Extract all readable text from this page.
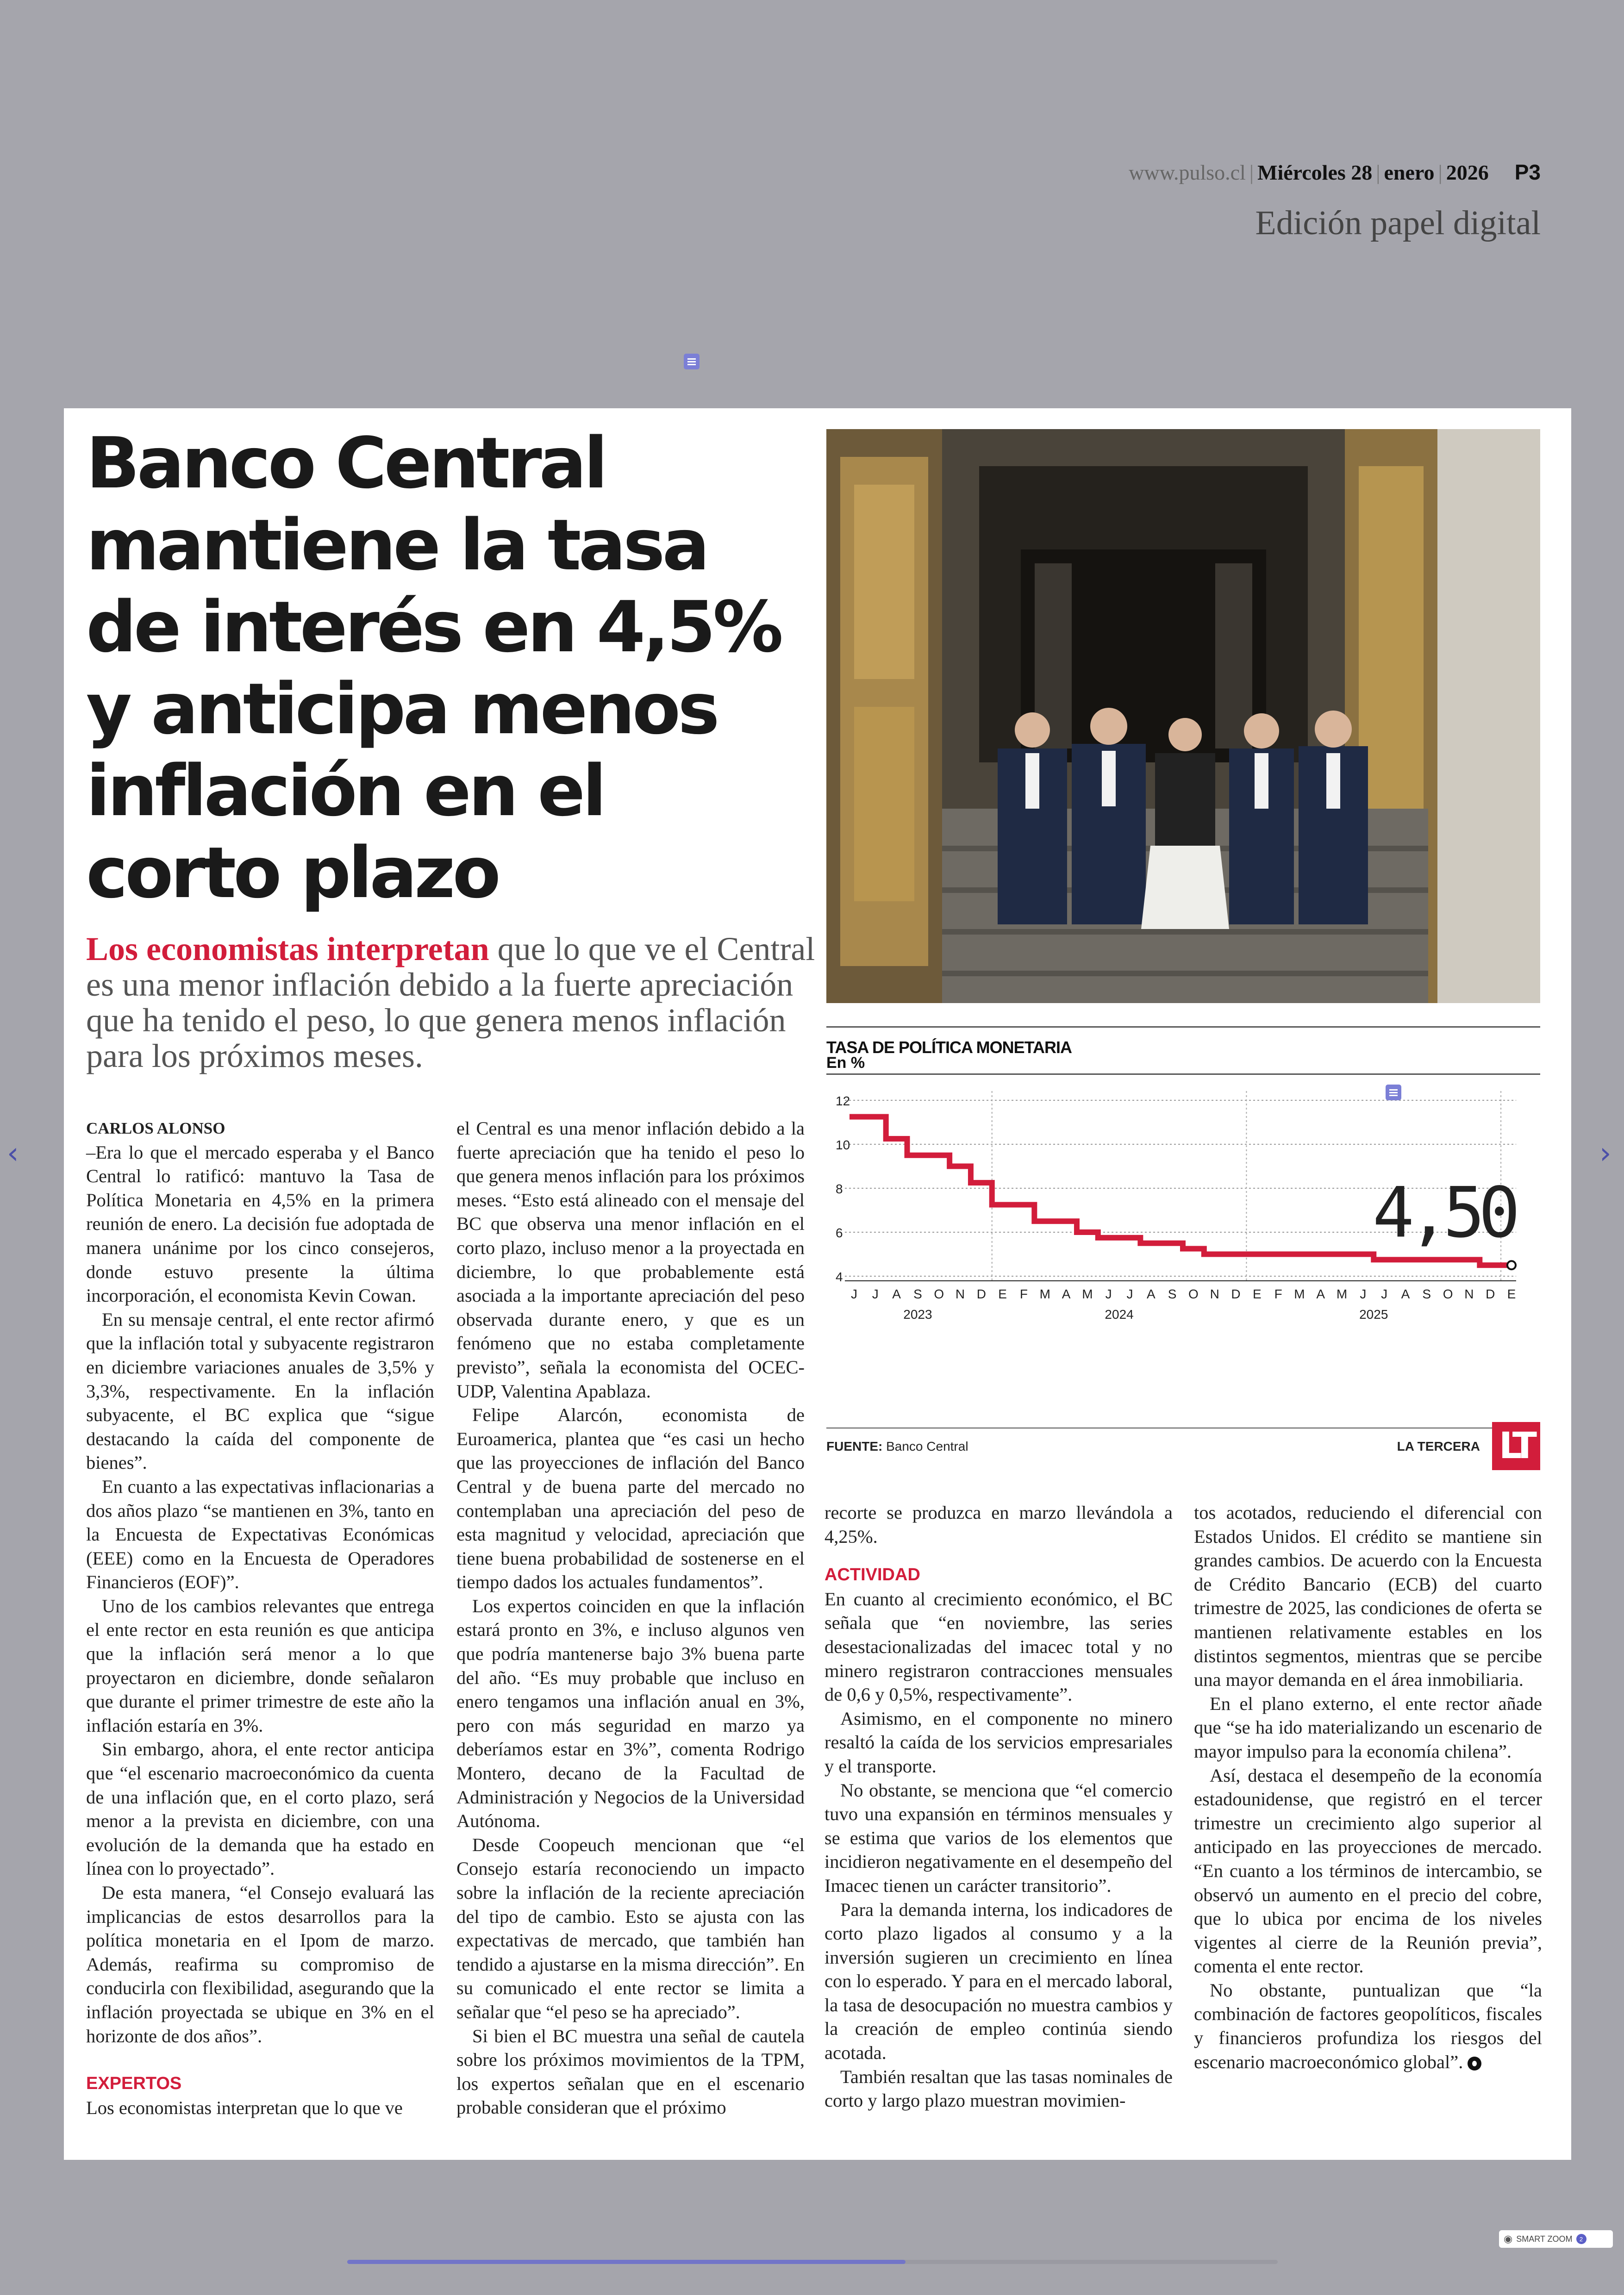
www.pulso.cl | Miércoles 28 | enero | 2026 P3
Edición papel digital
Banco Central mantiene la tasa de interés en 4,5% y anticipa menos inflación en el corto plazo

Los economistas interpretan que lo que ve el Central es una menor inflación debido a la fuerte apreciación que ha tenido el peso, lo que genera menos inflación para los próximos meses.

CARLOS ALONSO

–Era lo que el mercado esperaba y el Banco Central lo ratificó: mantuvo la Tasa de Política Monetaria en 4,5% en la primera reunión de enero. La decisión fue adoptada de manera unánime por los cinco consejeros, donde estuvo presente la última incorporación, el economista Kevin Cowan.

En su mensaje central, el ente rector afirmó que la inflación total y subyacente registraron en diciembre variaciones anuales de 3,5% y 3,3%, respectivamente. En la inflación subyacente, el BC explica que “sigue destacando la caída del componente de bienes”.

En cuanto a las expectativas inflacionarias a dos años plazo “se mantienen en 3%, tanto en la Encuesta de Expectativas Económicas (EEE) como en la Encuesta de Operadores Financieros (EOF)”.

Uno de los cambios relevantes que entrega el ente rector en esta reunión es que anticipa que la inflación será menor a lo que proyectaron en diciembre, donde señalaron que durante el primer trimestre de este año la inflación estaría en 3%.

Sin embargo, ahora, el ente rector anticipa que “el escenario macroeconómico da cuenta de una inflación que, en el corto plazo, será menor a la prevista en diciembre, con una evolución de la demanda que ha estado en línea con lo proyectado”.

De esta manera, “el Consejo evaluará las implicancias de estos desarrollos para la política monetaria en el Ipom de marzo. Además, reafirma su compromiso de conducirla con flexibilidad, asegurando que la inflación proyectada se ubique en 3% en el horizonte de dos años”.

EXPERTOS

Los economistas interpretan que lo que ve

el Central es una menor inflación debido a la fuerte apreciación que ha tenido el peso lo que genera menos inflación para los próximos meses. “Esto está alineado con el mensaje del BC que observa una menor inflación en el corto plazo, incluso menor a la proyectada en diciembre, lo que probablemente está asociada a la importante apreciación del peso observada durante enero, y que es un fenómeno que no estaba completamente previsto”, señala la economista del OCEC-UDP, Valentina Apablaza.

Felipe Alarcón, economista de Euroamerica, plantea que “es casi un hecho que las proyecciones de inflación del Banco Central y de buena parte del mercado no contemplaban una apreciación del peso de esta magnitud y velocidad, apreciación que tiene buena probabilidad de sostenerse en el tiempo dados los actuales fundamentos”.

Los expertos coinciden en que la inflación estará pronto en 3%, e incluso algunos ven que podría mantenerse bajo 3% buena parte del año. “Es muy probable que incluso en enero tengamos una inflación anual en 3%, pero con más seguridad en marzo ya deberíamos estar en 3%”, comenta Rodrigo Montero, decano de la Facultad de Administración y Negocios de la Universidad Autónoma.

Desde Coopeuch mencionan que “el Consejo estaría reconociendo un impacto sobre la inflación de la reciente apreciación del tipo de cambio. Esto se ajusta con las expectativas de mercado, que también han tendido a ajustarse en la misma dirección”. En su comunicado el ente rector se limita a señalar que “el peso se ha apreciado”.

Si bien el BC muestra una señal de cautela sobre los próximos movimientos de la TPM, los expertos señalan que en el escenario probable consideran que el próximo

recorte se produzca en marzo llevándola a 4,25%.

ACTIVIDAD

En cuanto al crecimiento económico, el BC señala que “en noviembre, las series desestacionalizadas del imacec total y no minero registraron contracciones mensuales de 0,6 y 0,5%, respectivamente”.

Asimismo, en el componente no minero resaltó la caída de los servicios empresariales y el transporte.

No obstante, se menciona que “el comercio tuvo una expansión en términos mensuales y se estima que varios de los elementos que incidieron negativamente en el desempeño del Imacec tienen un carácter transitorio”.

Para la demanda interna, los indicadores de corto plazo ligados al consumo y a la inversión sugieren un crecimiento en línea con lo esperado. Y para en el mercado laboral, la tasa de desocupación no muestra cambios y la creación de empleo continúa siendo acotada.

También resaltan que las tasas nominales de corto y largo plazo muestran movimien-

tos acotados, reduciendo el diferencial con Estados Unidos. El crédito se mantiene sin grandes cambios. De acuerdo con la Encuesta de Crédito Bancario (ECB) del cuarto trimestre de 2025, las condiciones de oferta se mantienen relativamente estables en los distintos segmentos, mientras que se percibe una mayor demanda en el área inmobiliaria.

En el plano externo, el ente rector añade que “se ha ido materializando un escenario de mayor impulso para la economía chilena”.

Así, destaca el desempeño de la economía estadounidense, que registró en el tercer trimestre un crecimiento algo superior al anticipado en las proyecciones de mercado. “En cuanto a los términos de intercambio, se observó un aumento en el precio del cobre, que lo ubica por encima de los niveles vigentes al cierre de la Reunión previa”, comenta el ente rector.

No obstante, puntualizan que “la combinación de factores geopolíticos, fiscales y financieros profundiza los riesgos del escenario macroeconómico global”.

TASA DE POLÍTICA MONETARIA
En %
4
6
8
10
12
J J A S O N D E F M A M J J A S O N D E F M A M J J A S O N D E
2023	2024	2025
4,50
FUENTE: Banco Central	LA TERCERA LT
‹	›
◉ SMART ZOOM	2
